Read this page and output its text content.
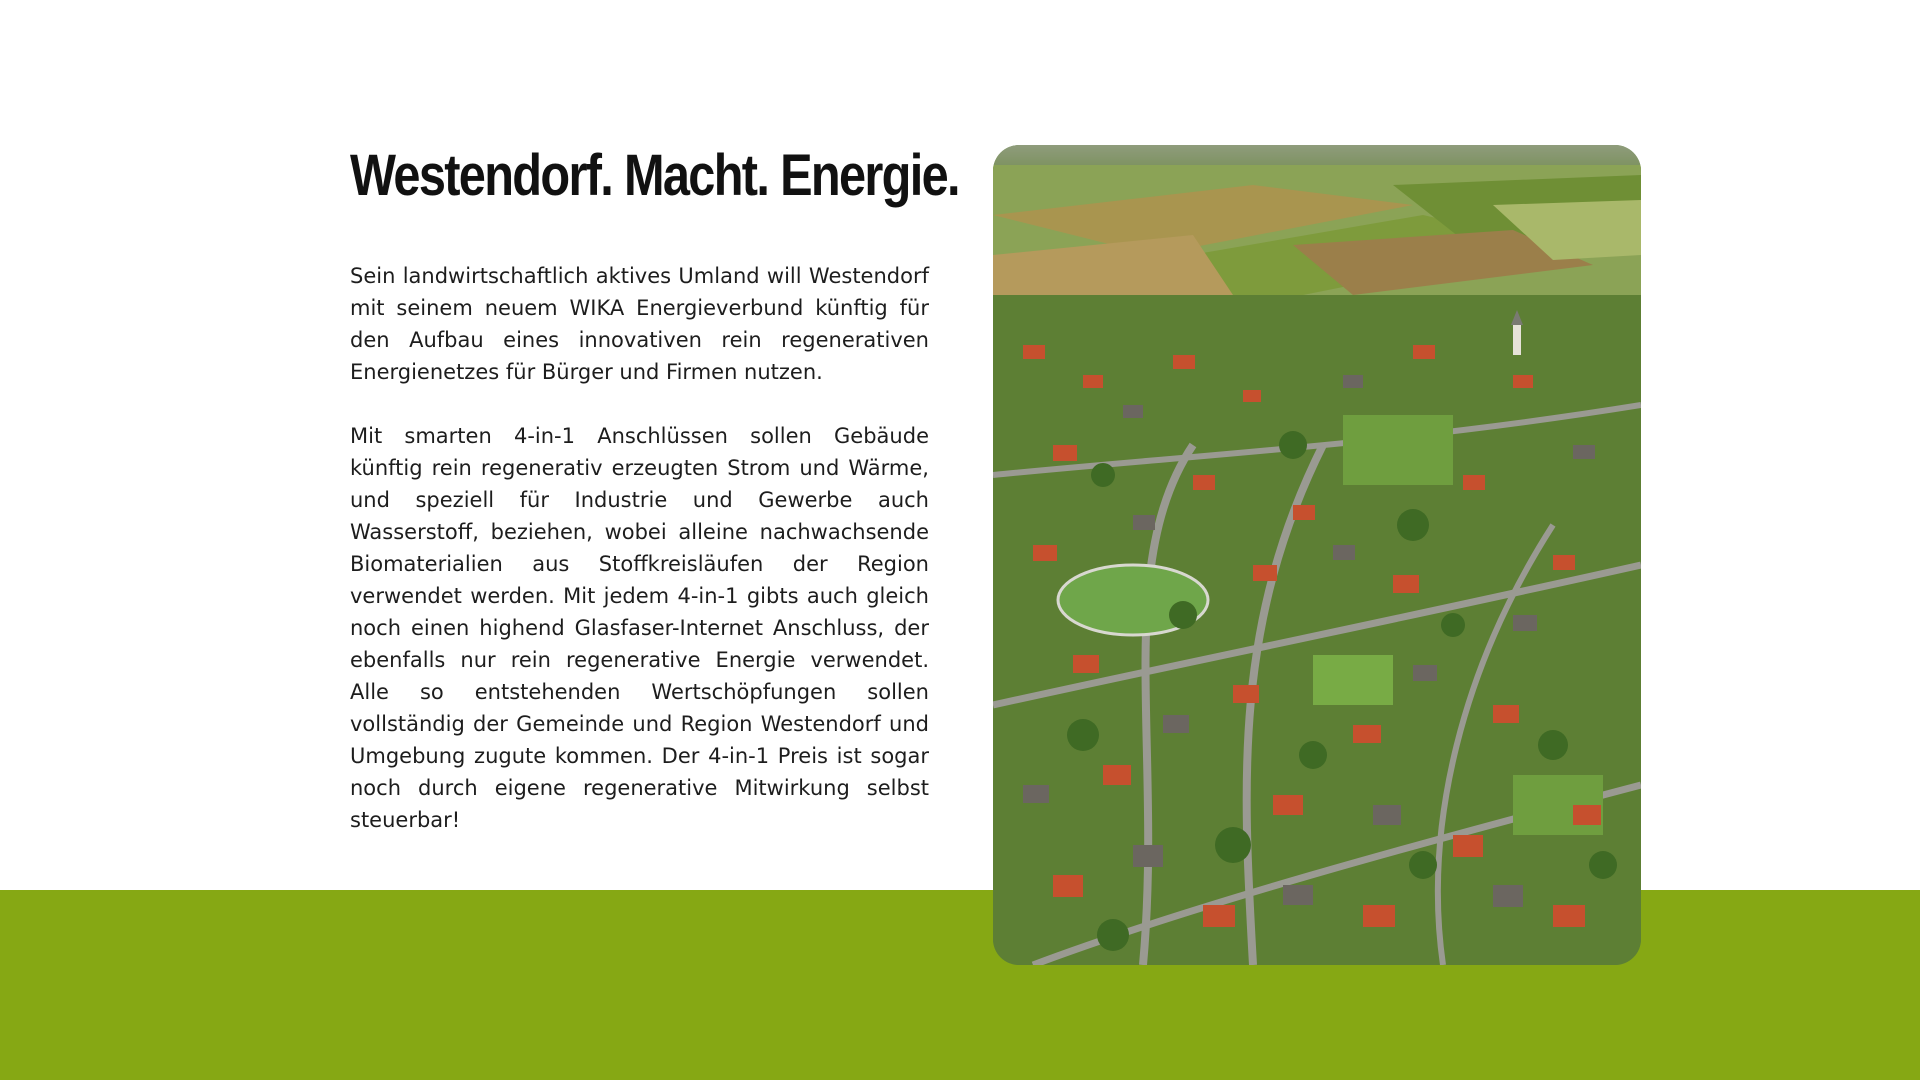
Westendorf. Macht. Energie.

Sein landwirtschaftlich aktives Umland will Westendorf mit seinem neuem WIKA Energieverbund künftig für den Aufbau eines innovativen rein regenerativen Energienetzes für Bürger und Firmen nutzen.

Mit smarten 4-in-1 Anschlüssen sollen Gebäude künftig rein regenerativ erzeugten Strom und Wärme, und speziell für Industrie und Gewerbe auch Wasserstoff, beziehen, wobei alleine nachwachsende Biomaterialien aus Stoffkreisläufen der Region verwendet werden. Mit jedem 4-in-1 gibts auch gleich noch einen highend Glasfaser-Internet Anschluss, der ebenfalls nur rein regenerative Energie verwendet. Alle so entstehenden Wertschöpfungen sollen vollständig der Gemeinde und Region Westendorf und Umgebung zugute kommen. Der 4-in-1 Preis ist sogar noch durch eigene regenerative Mitwirkung selbst steuerbar!
